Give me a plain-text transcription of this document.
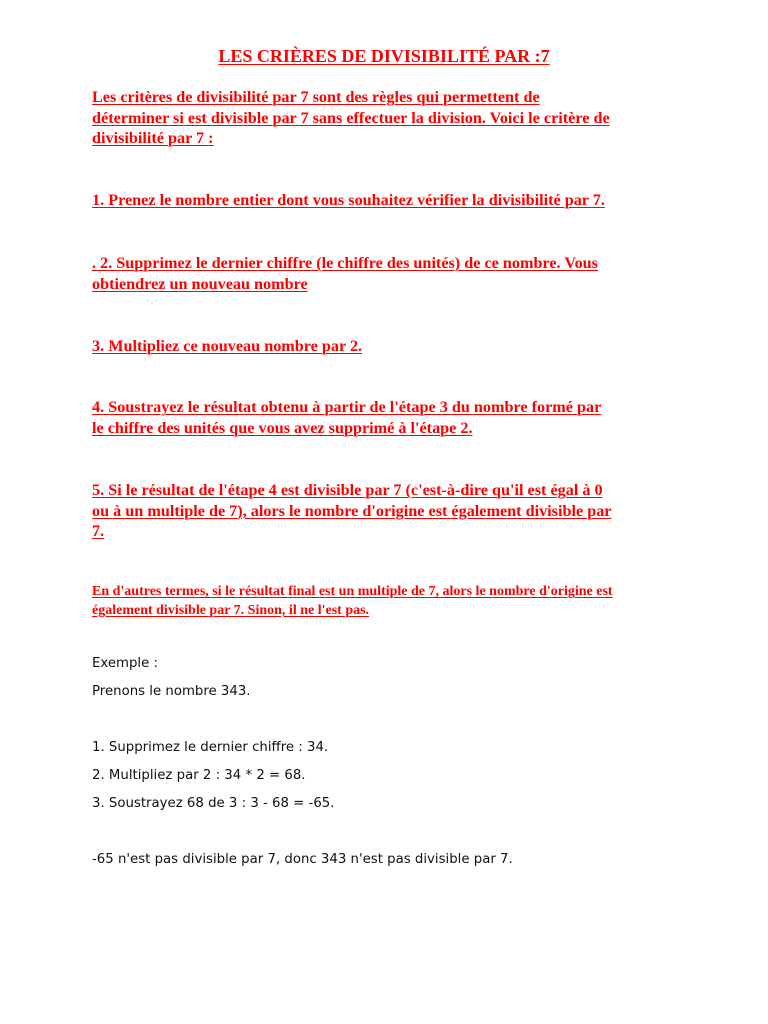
LES CRIÈRES DE DIVISIBILITÉ PAR :7
Les critères de divisibilité par 7 sont des règles qui permettent de
déterminer si est divisible par 7 sans effectuer la division. Voici le critère de
divisibilité par 7 :
1. Prenez le nombre entier dont vous souhaitez vérifier la divisibilité par 7.
. 2. Supprimez le dernier chiffre (le chiffre des unités) de ce nombre. Vous
obtiendrez un nouveau nombre
3. Multipliez ce nouveau nombre par 2.
4. Soustrayez le résultat obtenu à partir de l'étape 3 du nombre formé par
le chiffre des unités que vous avez supprimé à l'étape 2.
5. Si le résultat de l'étape 4 est divisible par 7 (c'est-à-dire qu'il est égal à 0
ou à un multiple de 7), alors le nombre d'origine est également divisible par
7.
En d'autres termes, si le résultat final est un multiple de 7, alors le nombre d'origine est
également divisible par 7. Sinon, il ne l'est pas.
Exemple :
Prenons le nombre 343.
1. Supprimez le dernier chiffre : 34.
2. Multipliez par 2 : 34 * 2 = 68.
3. Soustrayez 68 de 3 : 3 - 68 = -65.
-65 n'est pas divisible par 7, donc 343 n'est pas divisible par 7.
